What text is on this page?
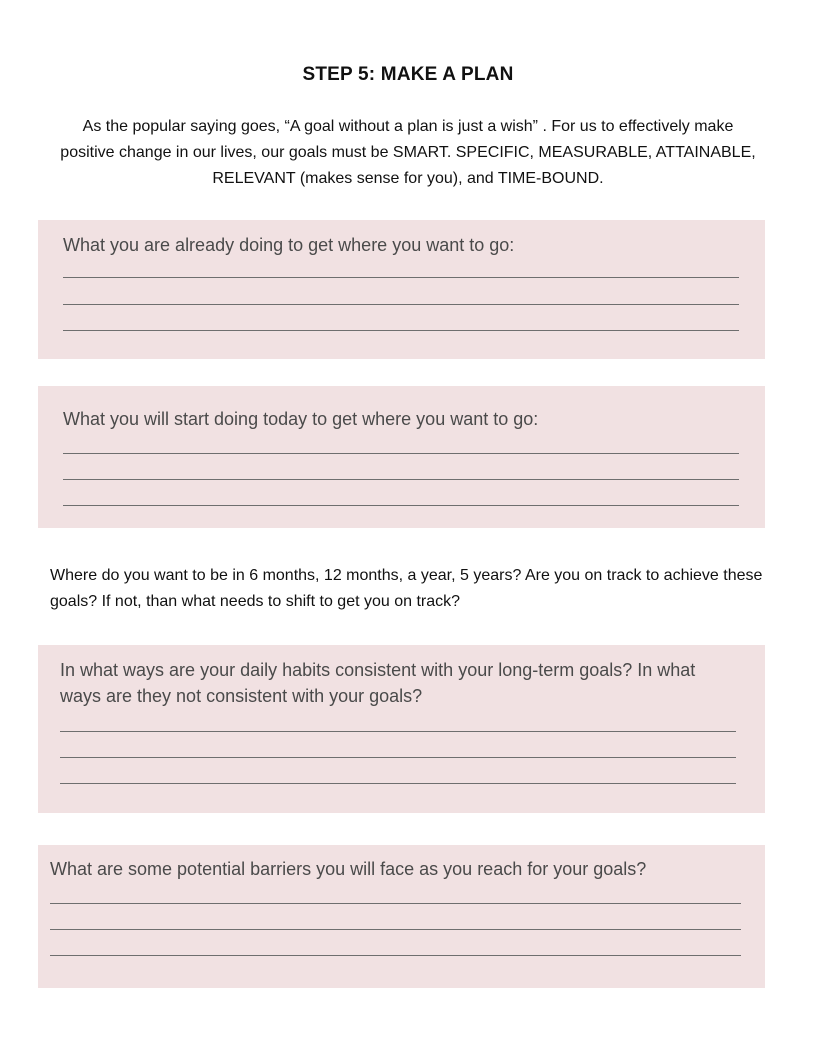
STEP 5: MAKE A PLAN
As the popular saying goes, “A goal without a plan is just a wish” . For us to effectively make positive change in our lives, our goals must be SMART. SPECIFIC, MEASURABLE, ATTAINABLE, RELEVANT (makes sense for you), and TIME-BOUND.
What you are already doing to get where you want to go:
What you will start doing today to get where you want to go:
Where do you want to be in 6 months, 12 months, a year, 5 years? Are you on track to achieve these goals? If not, than what needs to shift to get you on track?
In what ways are your daily habits consistent with your long-term goals? In what ways are they not consistent with your goals?
What are some potential barriers you will face as you reach for your goals?
